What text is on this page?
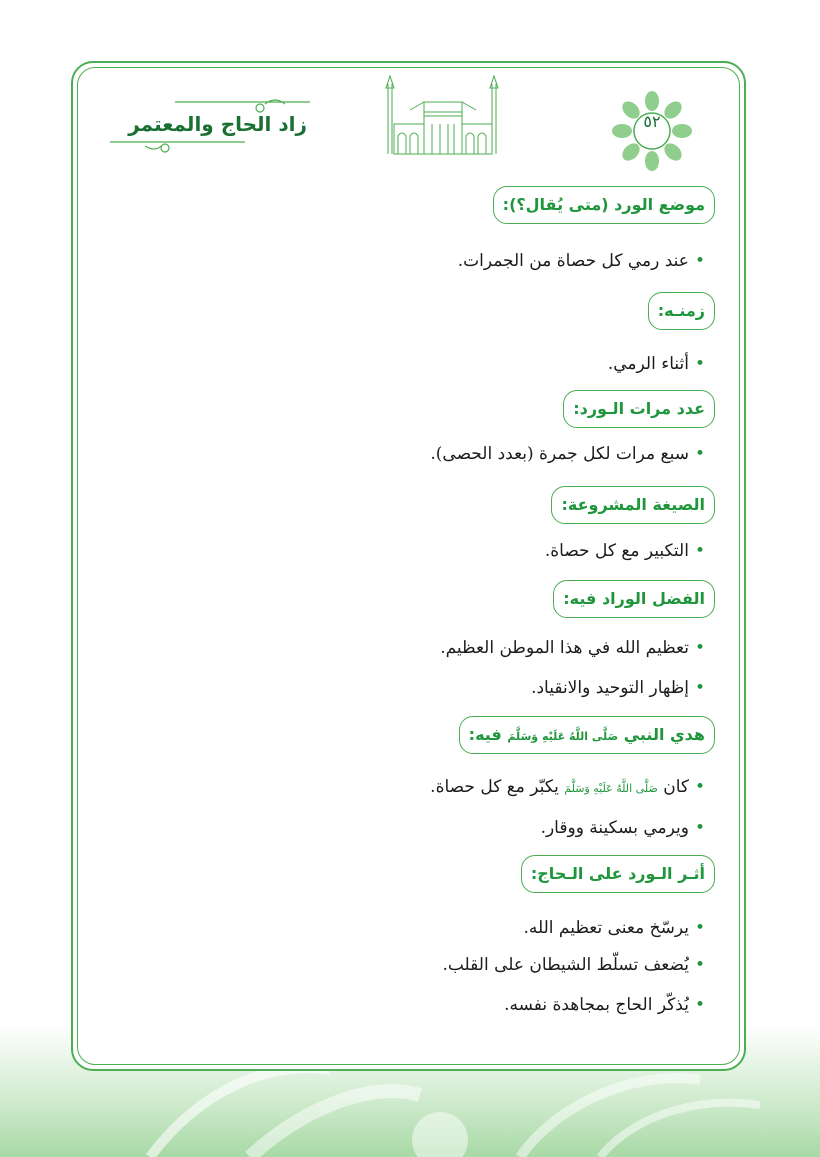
٥٢
زاد الحاج والمعتمر
موضع الورد (متى يُقال؟):
•عند رمي كل حصاة من الجمرات.
زمنـه:
•أثناء الرمي.
عدد مرات الـورد:
•سبع مرات لكل جمرة (بعدد الحصى).
الصيغة المشروعة:
•التكبير مع كل حصاة.
الفضل الوراد فيه:
•تعظيم الله في هذا الموطن العظيم.
•إظهار التوحيد والانقياد.
هدي النبي صَلَّى اللَّهُ عَلَيْهِ وَسَلَّمَ فيه:
•كان صَلَّى اللَّهُ عَلَيْهِ وَسَلَّمَ يكبّر مع كل حصاة.
•ويرمي بسكينة ووقار.
أثـر الـورد على الـحاج:
•يرسّخ معنى تعظيم الله.
•يُضعف تسلّط الشيطان على القلب.
•يُذكّر الحاج بمجاهدة نفسه.
